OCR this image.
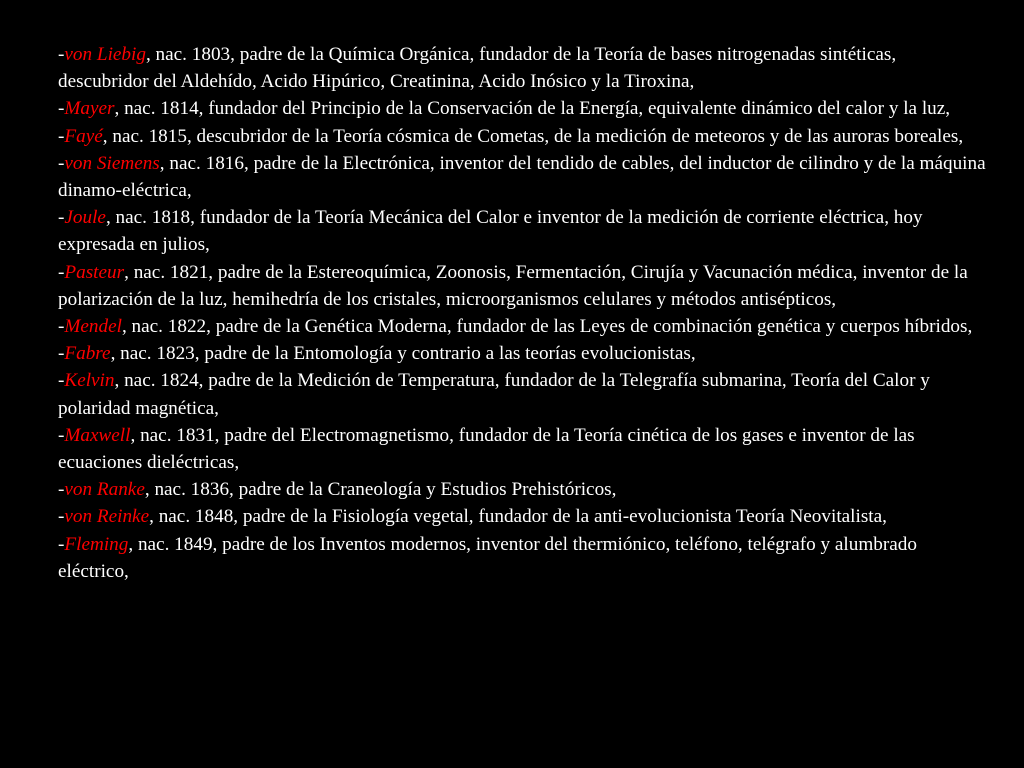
-von Liebig, nac. 1803, padre de la Química Orgánica, fundador de la Teoría de bases nitrogenadas sintéticas, descubridor del Aldehído, Acido Hipúrico, Creatinina, Acido Inósico y la Tiroxina,

-Mayer, nac. 1814, fundador del Principio de la Conservación de la Energía, equivalente dinámico del calor y la luz,

-Fayé, nac. 1815, descubridor de la Teoría cósmica de Cometas, de la medición de meteoros y de las auroras boreales,

-von Siemens, nac. 1816, padre de la Electrónica, inventor del tendido de cables, del inductor de cilindro y de la máquina dinamo-eléctrica,

-Joule, nac. 1818, fundador de la Teoría Mecánica del Calor e inventor de la medición de corriente eléctrica, hoy expresada en julios,

-Pasteur, nac. 1821, padre de la Estereoquímica, Zoonosis, Fermentación, Cirujía y Vacunación médica, inventor de la polarización de la luz, hemihedría de los cristales, microorganismos celulares y métodos antisépticos,

-Mendel, nac. 1822, padre de la Genética Moderna, fundador de las Leyes de combinación genética y cuerpos híbridos,

-Fabre, nac. 1823, padre de la Entomología y contrario a las teorías evolucionistas,

-Kelvin, nac. 1824, padre de la Medición de Temperatura, fundador de la Telegrafía submarina, Teoría del Calor y polaridad magnética,

-Maxwell, nac. 1831, padre del Electromagnetismo, fundador de la Teoría cinética de los gases e inventor de las ecuaciones dieléctricas,

-von Ranke, nac. 1836, padre de la Craneología y Estudios Prehistóricos,

-von Reinke, nac. 1848, padre de la Fisiología vegetal, fundador de la anti-evolucionista Teoría Neovitalista,

-Fleming, nac. 1849, padre de los Inventos modernos, inventor del thermiónico, teléfono, telégrafo y alumbrado eléctrico,
